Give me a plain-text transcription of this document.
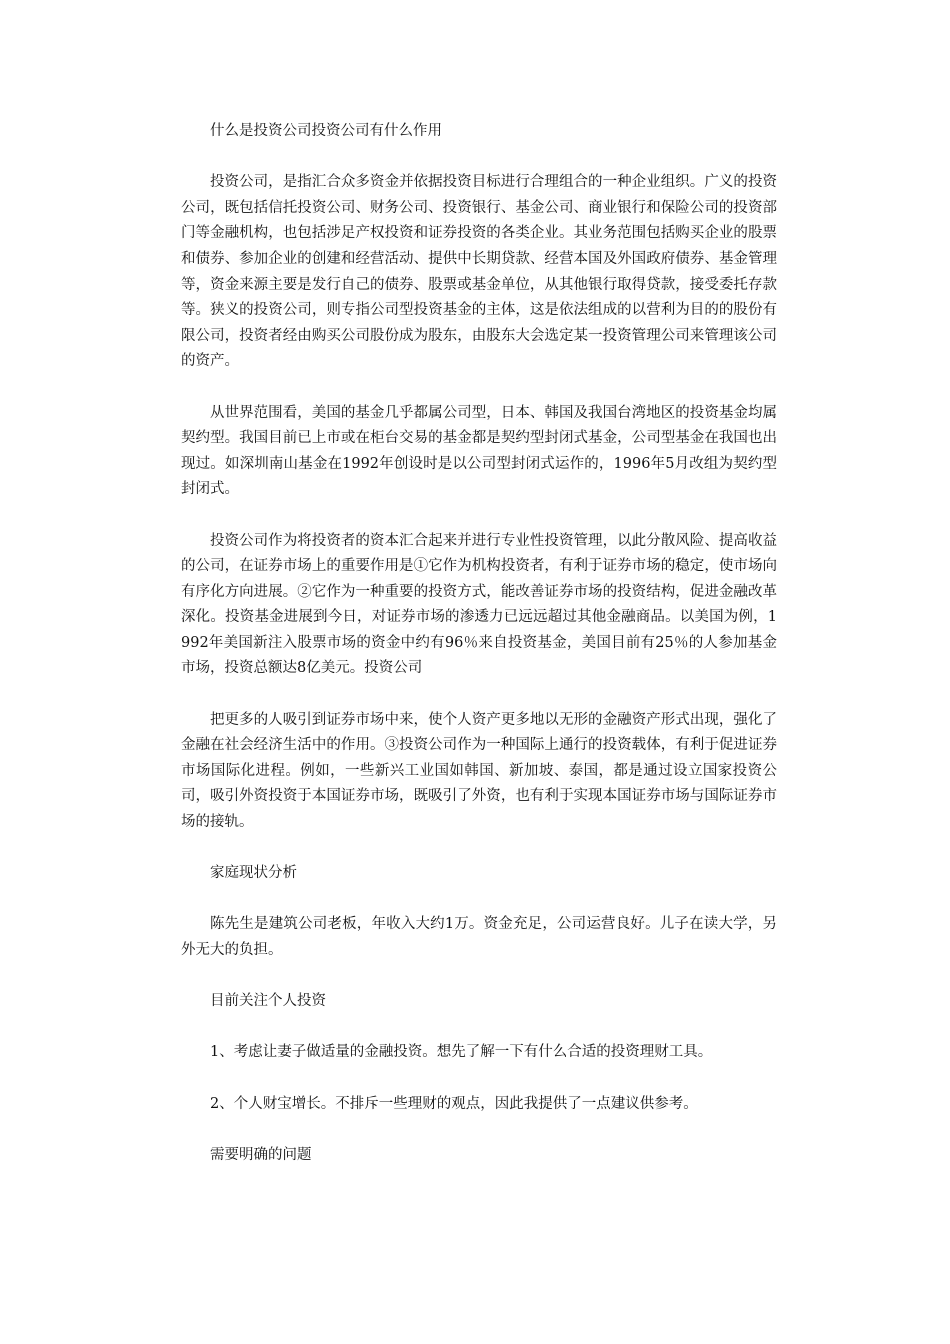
什么是投资公司投资公司有什么作用

投资公司，是指汇合众多资金并依据投资目标进行合理组合的一种企业组织。广义的投资公司，既包括信托投资公司、财务公司、投资银行、基金公司、商业银行和保险公司的投资部门等金融机构，也包括涉足产权投资和证券投资的各类企业。其业务范围包括购买企业的股票和债券、参加企业的创建和经营活动、提供中长期贷款、经营本国及外国政府债券、基金管理等，资金来源主要是发行自己的债券、股票或基金单位，从其他银行取得贷款，接受委托存款等。狭义的投资公司，则专指公司型投资基金的主体，这是依法组成的以营利为目的的股份有限公司，投资者经由购买公司股份成为股东，由股东大会选定某一投资管理公司来管理该公司的资产。

从世界范围看，美国的基金几乎都属公司型，日本、韩国及我国台湾地区的投资基金均属契约型。我国目前已上市或在柜台交易的基金都是契约型封闭式基金，公司型基金在我国也出现过。如深圳南山基金在1992年创设时是以公司型封闭式运作的，1996年5月改组为契约型封闭式。

投资公司作为将投资者的资本汇合起来并进行专业性投资管理，以此分散风险、提高收益的公司，在证券市场上的重要作用是①它作为机构投资者，有利于证券市场的稳定，使市场向有序化方向进展。②它作为一种重要的投资方式，能改善证券市场的投资结构，促进金融改革深化。投资基金进展到今日，对证券市场的渗透力已远远超过其他金融商品。以美国为例，1992年美国新注入股票市场的资金中约有96％来自投资基金，美国目前有25％的人参加基金市场，投资总额达8亿美元。投资公司

把更多的人吸引到证券市场中来，使个人资产更多地以无形的金融资产形式出现，强化了金融在社会经济生活中的作用。③投资公司作为一种国际上通行的投资载体，有利于促进证券市场国际化进程。例如，一些新兴工业国如韩国、新加坡、泰国，都是通过设立国家投资公司，吸引外资投资于本国证券市场，既吸引了外资，也有利于实现本国证券市场与国际证券市场的接轨。

家庭现状分析

陈先生是建筑公司老板，年收入大约1万。资金充足，公司运营良好。儿子在读大学，另外无大的负担。

目前关注个人投资

1、考虑让妻子做适量的金融投资。想先了解一下有什么合适的投资理财工具。

2、个人财宝增长。不排斥一些理财的观点，因此我提供了一点建议供参考。

需要明确的问题
